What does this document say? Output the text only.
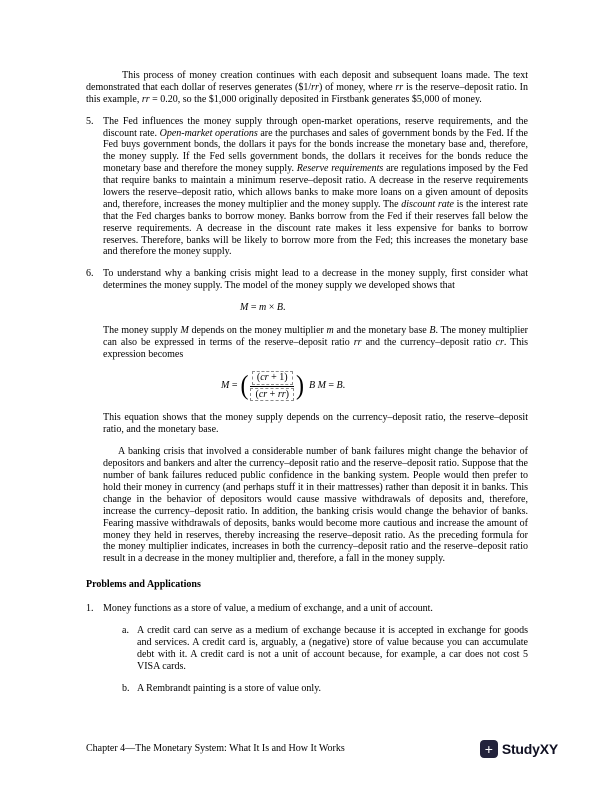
This process of money creation continues with each deposit and subsequent loans made. The text demonstrated that each dollar of reserves generates ($1/rr) of money, where rr is the reserve–deposit ratio. In this example, rr = 0.20, so the $1,000 originally deposited in Firstbank generates $5,000 of money.

5. The Fed influences the money supply through open-market operations, reserve requirements, and the discount rate. Open-market operations are the purchases and sales of government bonds by the Fed. If the Fed buys government bonds, the dollars it pays for the bonds increase the monetary base and, therefore, the money supply. If the Fed sells government bonds, the dollars it receives for the bonds reduce the monetary base and therefore the money supply. Reserve requirements are regulations imposed by the Fed that require banks to maintain a minimum reserve–deposit ratio. A decrease in the reserve requirements lowers the reserve–deposit ratio, which allows banks to make more loans on a given amount of deposits and, therefore, increases the money multiplier and the money supply. The discount rate is the interest rate that the Fed charges banks to borrow money. Banks borrow from the Fed if their reserves fall below the reserve requirements. A decrease in the discount rate makes it less expensive for banks to borrow reserves. Therefore, banks will be likely to borrow more from the Fed; this increases the monetary base and therefore the money supply.

6. To understand why a banking crisis might lead to a decrease in the money supply, first consider what determines the money supply. The model of the money supply we developed shows that

M = m × B.

The money supply M depends on the money multiplier m and the monetary base B. The money multiplier can also be expressed in terms of the reserve–deposit ratio rr and the currency–deposit ratio cr. This expression becomes

M = ( $\frac{(cr + 1)}{(cr + rr)}$ ) B M = B.

This equation shows that the money supply depends on the currency–deposit ratio, the reserve–deposit ratio, and the monetary base.

A banking crisis that involved a considerable number of bank failures might change the behavior of depositors and bankers and alter the currency–deposit ratio and the reserve–deposit ratio. Suppose that the number of bank failures reduced public confidence in the banking system. People would then prefer to hold their money in currency (and perhaps stuff it in their mattresses) rather than deposit it in banks. This change in the behavior of depositors would cause massive withdrawals of deposits and, therefore, increase the currency–deposit ratio. In addition, the banking crisis would change the behavior of banks. Fearing massive withdrawals of deposits, banks would become more cautious and increase the amount of money they held in reserves, thereby increasing the reserve–deposit ratio. As the preceding formula for the money multiplier indicates, increases in both the currency–deposit ratio and the reserve–deposit ratio result in a decrease in the money multiplier and, therefore, a fall in the money supply.

Problems and Applications
1. Money functions as a store of value, a medium of exchange, and a unit of account.

a. A credit card can serve as a medium of exchange because it is accepted in exchange for goods and services. A credit card is, arguably, a (negative) store of value because you can accumulate debt with it. A credit card is not a unit of account because, for example, a car does not cost 5 VISA cards.

b. A Rembrandt painting is a store of value only.

Chapter 4—The Monetary System: What It Is and How It Works	+ StudyXY
